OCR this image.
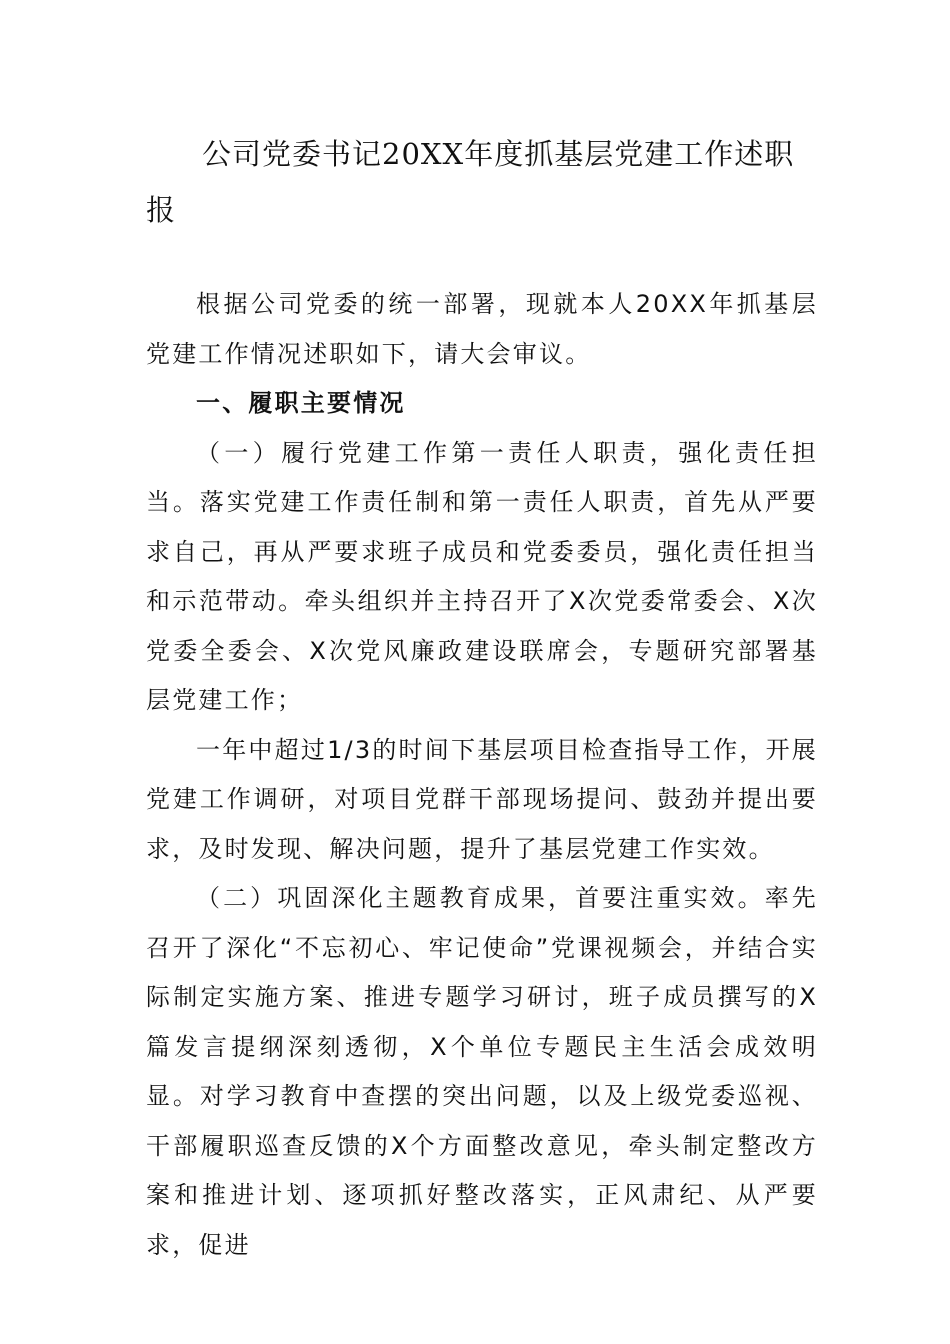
公司党委书记20XX年度抓基层党建工作述职报

根据公司党委的统一部署，现就本人20XX年抓基层党建工作情况述职如下，请大会审议。

一、履职主要情况

（一）履行党建工作第一责任人职责，强化责任担当。落实党建工作责任制和第一责任人职责，首先从严要求自己，再从严要求班子成员和党委委员，强化责任担当和示范带动。牵头组织并主持召开了X次党委常委会、X次党委全委会、X次党风廉政建设联席会，专题研究部署基层党建工作；

一年中超过1/3的时间下基层项目检查指导工作，开展党建工作调研，对项目党群干部现场提问、鼓劲并提出要求，及时发现、解决问题，提升了基层党建工作实效。

（二）巩固深化主题教育成果，首要注重实效。率先召开了深化“不忘初心、牢记使命”党课视频会，并结合实际制定实施方案、推进专题学习研讨，班子成员撰写的X篇发言提纲深刻透彻，X个单位专题民主生活会成效明显。对学习教育中查摆的突出问题，以及上级党委巡视、干部履职巡查反馈的X个方面整改意见，牵头制定整改方案和推进计划、逐项抓好整改落实，正风肃纪、从严要求，促进
